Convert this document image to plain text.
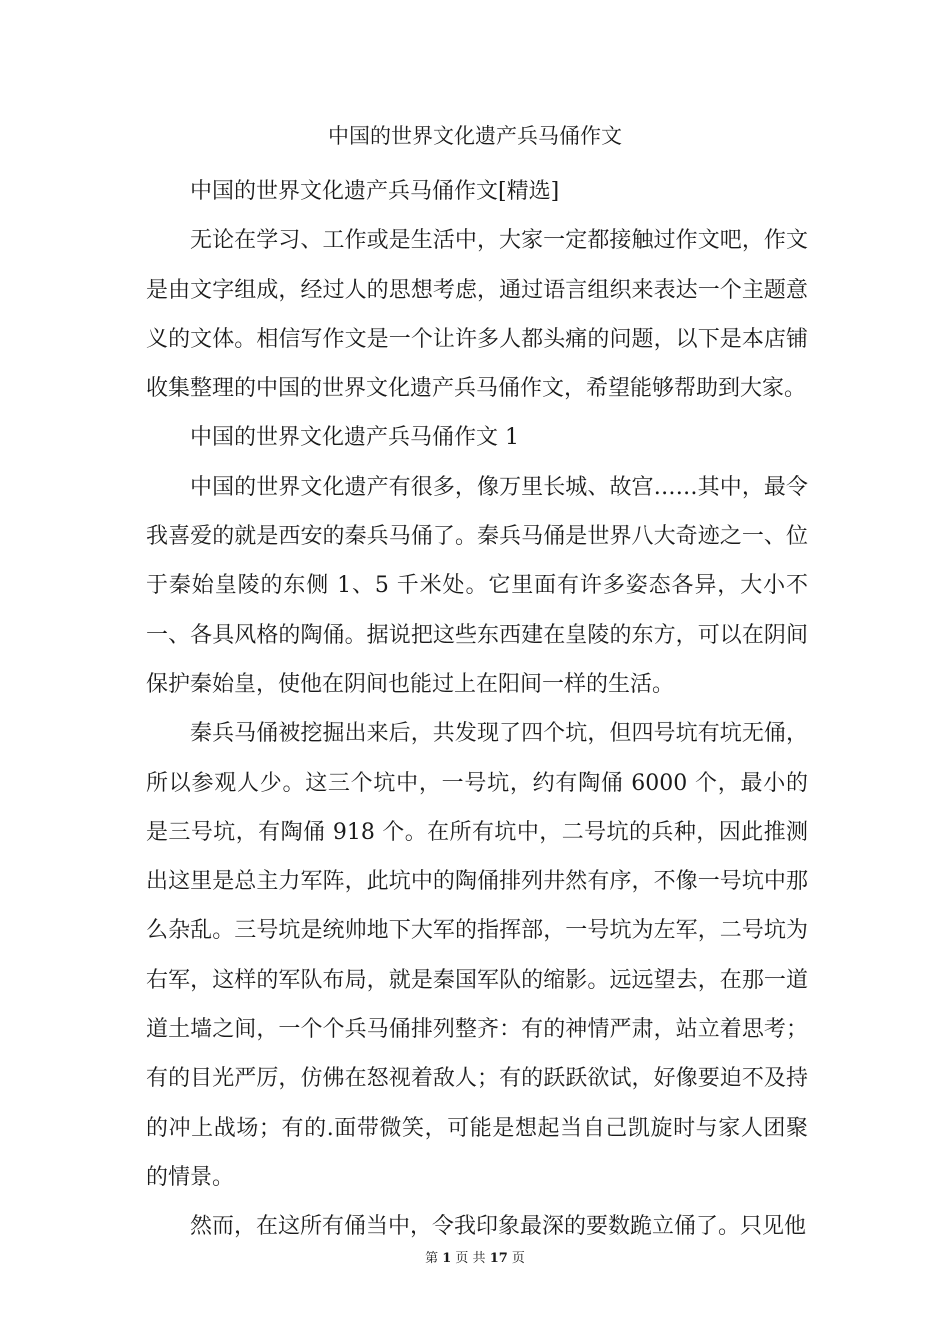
中国的世界文化遗产兵马俑作文

中国的世界文化遗产兵马俑作文[精选]

无论在学习、工作或是生活中，大家一定都接触过作文吧，作文是由文字组成，经过人的思想考虑，通过语言组织来表达一个主题意义的文体。相信写作文是一个让许多人都头痛的问题，以下是本店铺收集整理的中国的世界文化遗产兵马俑作文，希望能够帮助到大家。

中国的世界文化遗产兵马俑作文 1

中国的世界文化遗产有很多，像万里长城、故宫……其中，最令我喜爱的就是西安的秦兵马俑了。秦兵马俑是世界八大奇迹之一、位于秦始皇陵的东侧 1、5 千米处。它里面有许多姿态各异，大小不一、各具风格的陶俑。据说把这些东西建在皇陵的东方，可以在阴间保护秦始皇，使他在阴间也能过上在阳间一样的生活。

秦兵马俑被挖掘出来后，共发现了四个坑，但四号坑有坑无俑，所以参观人少。这三个坑中，一号坑，约有陶俑 6000 个，最小的是三号坑，有陶俑 918 个。在所有坑中，二号坑的兵种，因此推测出这里是总主力军阵，此坑中的陶俑排列井然有序，不像一号坑中那么杂乱。三号坑是统帅地下大军的指挥部，一号坑为左军，二号坑为右军，这样的军队布局，就是秦国军队的缩影。远远望去，在那一道道土墙之间，一个个兵马俑排列整齐：有的神情严肃，站立着思考；有的目光严厉，仿佛在怒视着敌人；有的跃跃欲试，好像要迫不及持的冲上战场；有的.面带微笑，可能是想起当自己凯旋时与家人团聚的情景。

然而，在这所有俑当中，令我印象最深的要数跪立俑了。只见他

第 1 页 共 17 页
